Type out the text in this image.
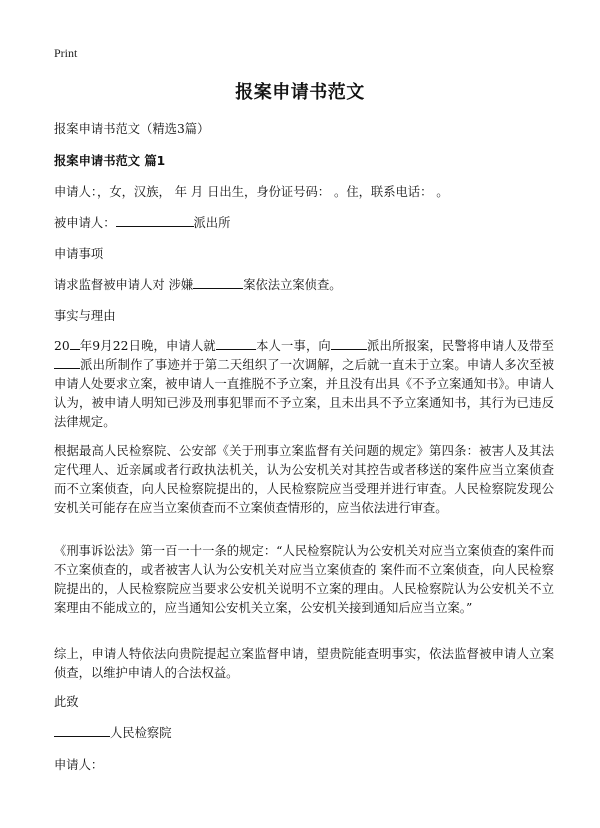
Print
报案申请书范文
报案申请书范文（精选3篇）
报案申请书范文 篇1
申请人：，女，汉族， 年 月 日出生，身份证号码： 。住，联系电话： 。
被申请人：	派出所
申请事项
请求监督被申请人对 涉嫌	案依法立案侦查。
事实与理由
20 年9月22日晚，申请人就	本人一事，向	派出所报案，民警将申请人及带至派出所制作了事迹并于第二天组织了一次调解，之后就一直未于立案。申请人多次至被申请人处要求立案，被申请人一直推脱不予立案，并且没有出具《不予立案通知书》。申请人认为，被申请人明知已涉及刑事犯罪而不予立案，且未出具不予立案通知书，其行为已违反法律规定。
根据最高人民检察院、公安部《关于刑事立案监督有关问题的规定》第四条：被害人及其法定代理人、近亲属或者行政执法机关，认为公安机关对其控告或者移送的案件应当立案侦查而不立案侦查，向人民检察院提出的，人民检察院应当受理并进行审查。人民检察院发现公安机关可能存在应当立案侦查而不立案侦查情形的，应当依法进行审查。
《刑事诉讼法》第一百一十一条的规定：“人民检察院认为公安机关对应当立案侦查的案件而不立案侦查的，或者被害人认为公安机关对应当立案侦查的 案件而不立案侦查，向人民检察院提出的，人民检察院应当要求公安机关说明不立案的理由。人民检察院认为公安机关不立案理由不能成立的，应当通知公安机关立案，公安机关接到通知后应当立案。”
综上，申请人特依法向贵院提起立案监督申请，望贵院能查明事实，依法监督被申请人立案侦查，以维护申请人的合法权益。
此致
人民检察院
申请人：
